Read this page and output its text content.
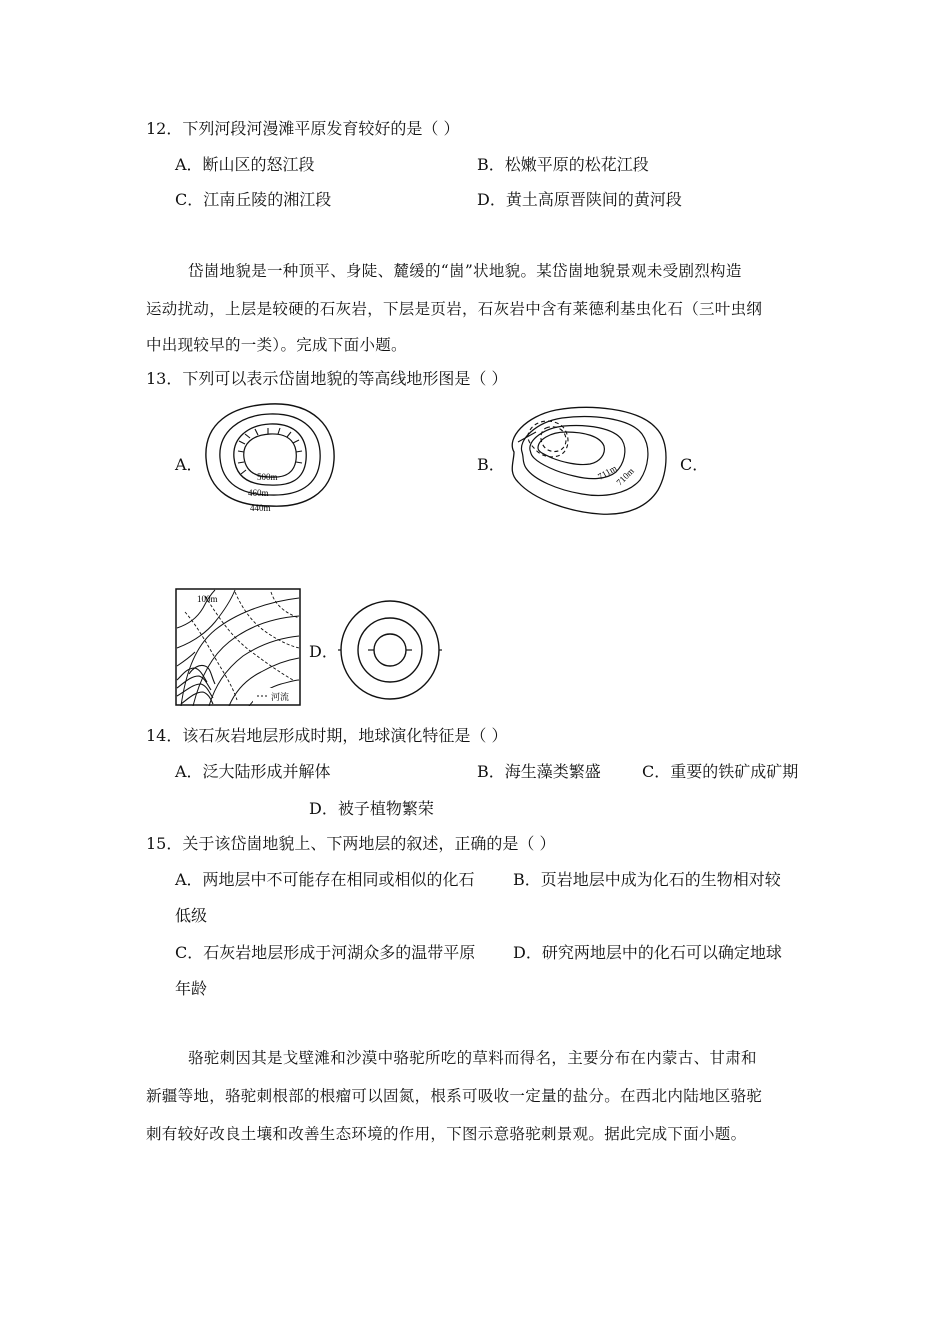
12．下列河段河漫滩平原发育较好的是（ ）
A．断山区的怒江段	B．松嫩平原的松花江段
C．江南丘陵的湘江段	D．黄土高原晋陕间的黄河段
岱崮地貌是一种顶平、身陡、麓缓的“崮”状地貌。某岱崮地貌景观未受剧烈构造
运动扰动，上层是较硬的石灰岩，下层是页岩，石灰岩中含有莱德利基虫化石（三叶虫纲
中出现较早的一类）。完成下面小题。
13．下列可以表示岱崮地貌的等高线地形图是（ ）
A．	B．	C．
D．
500m
460m
440m
711m
710m
河流
100m
14．该石灰岩地层形成时期，地球演化特征是（ ）
A．泛大陆形成并解体	B．海生藻类繁盛	C．重要的铁矿成矿期
D．被子植物繁荣
15．关于该岱崮地貌上、下两地层的叙述，正确的是（ ）
A．两地层中不可能存在相同或相似的化石 B．页岩地层中成为化石的生物相对较
低级
C．石灰岩地层形成于河湖众多的温带平原 D．研究两地层中的化石可以确定地球
年龄
骆驼刺因其是戈壁滩和沙漠中骆驼所吃的草料而得名，主要分布在内蒙古、甘肃和
新疆等地，骆驼刺根部的根瘤可以固氮，根系可吸收一定量的盐分。在西北内陆地区骆驼
刺有较好改良土壤和改善生态环境的作用，下图示意骆驼刺景观。据此完成下面小题。
